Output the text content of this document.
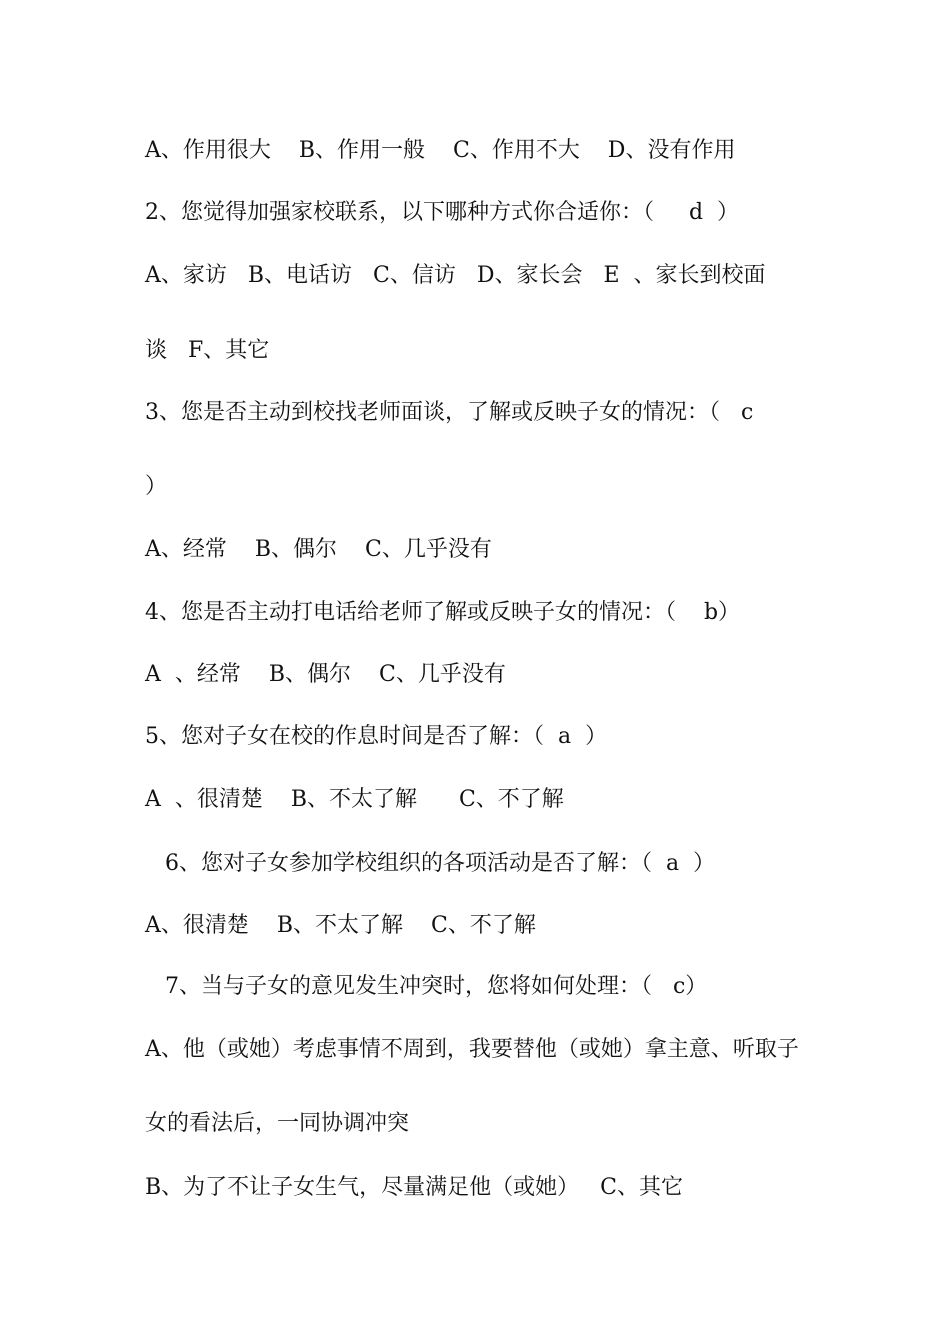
A、作用很大    B、作用一般    C、作用不大    D、没有作用
2、您觉得加强家校联系，以下哪种方式你合适你：（     d  ）
A、家访   B、电话访   C、信访   D、家长会   E  、家长到校面
谈   F、其它
3、您是否主动到校找老师面谈，了解或反映子女的情况：（   c
）
A、经常    B、偶尔    C、几乎没有
4、您是否主动打电话给老师了解或反映子女的情况：（    b）
A  、经常    B、偶尔    C、几乎没有
5、您对子女在校的作息时间是否了解：（  a  ）
A  、很清楚    B、不太了解      C、不了解
6、您对子女参加学校组织的各项活动是否了解：（  a  ）
A、很清楚    B、不太了解    C、不了解
7、当与子女的意见发生冲突时，您将如何处理：（   c）
A、他（或她）考虑事情不周到，我要替他（或她）拿主意、听取子
女的看法后，一同协调冲突
B、为了不让子女生气，尽量满足他（或她）   C、其它
